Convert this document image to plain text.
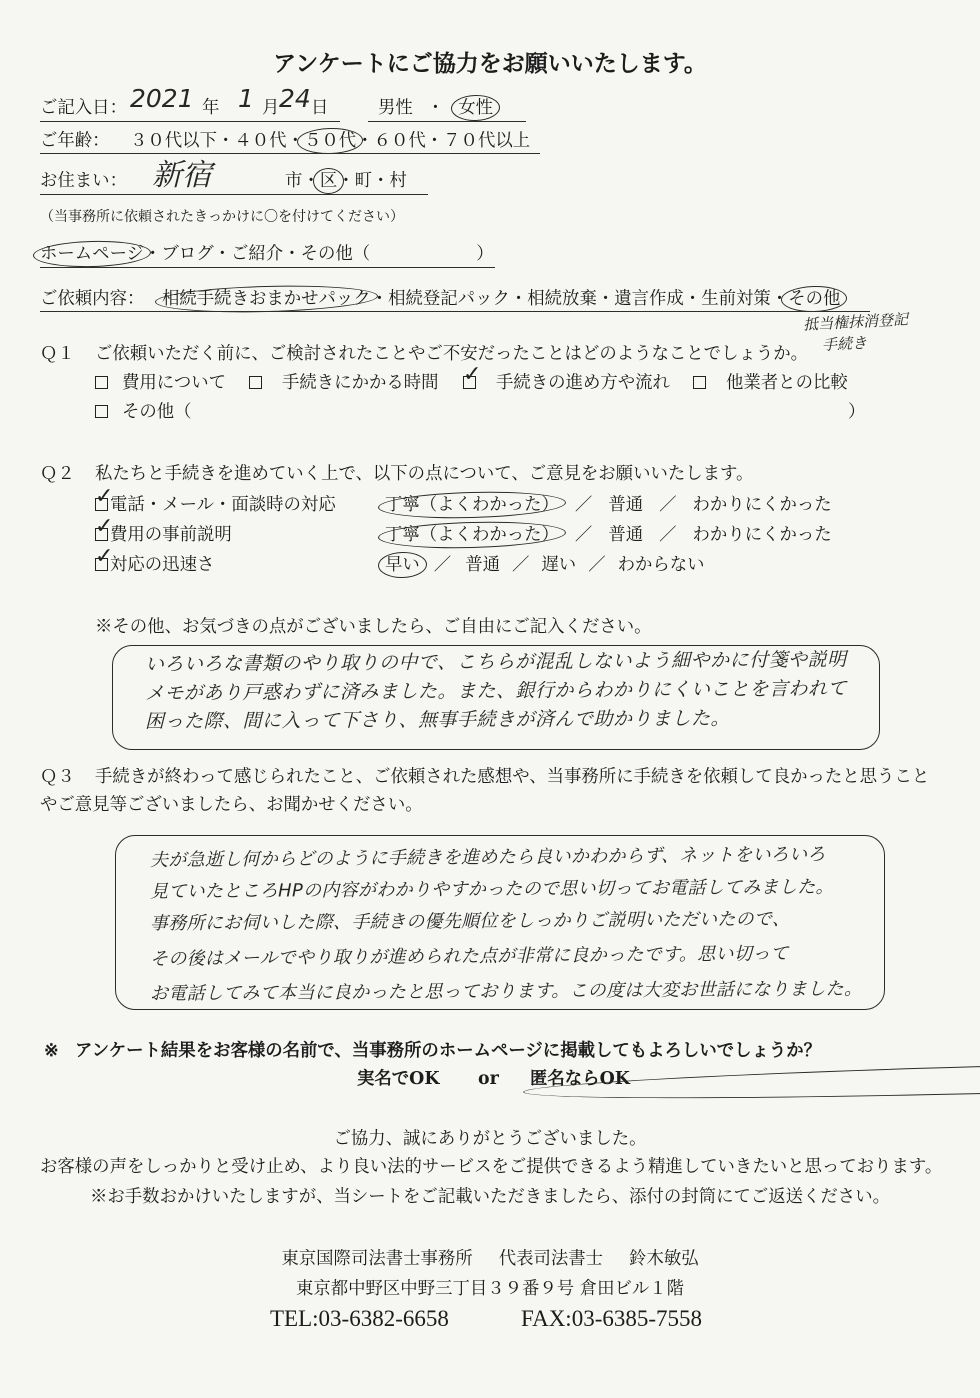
アンケートにご協力をお願いいたします。
ご記入日： 2021 年 1 月 24 日	男性 ・ 女性
ご年齢： ３０代以下・４０代・５０代・６０代・７０代以上
お住まい： 新宿	市・区・町・村
（当事務所に依頼されたきっかけに〇を付けてください）
ホームページ・ブログ・ご紹介・その他（	）
ご依頼内容： 相続手続きおまかせパック・相続登記パック・相続放棄・遺言作成・生前対策・その他
抵当権抹消登記
手続き
Ｑ１ ご依頼いただく前に、ご検討されたことやご不安だったことはどのようなことでしょうか。
費用について	手続きにかかる時間
✓	手続きの進め方や流れ	他業者との比較
その他（	）
Ｑ２ 私たちと手続きを進めていく上で、以下の点について、ご意見をお願いいたします。
✓電話・メール・面談時の対応	丁寧（よくわかった） ／ 普通 ／ わかりにくかった
✓費用の事前説明	丁寧（よくわかった） ／ 普通 ／ わかりにくかった
✓対応の迅速さ	早い ／ 普通 ／ 遅い ／ わからない
※その他、お気づきの点がございましたら、ご自由にご記入ください。
いろいろな書類のやり取りの中で、こちらが混乱しないよう細やかに付箋や説明
メモがあり戸惑わずに済みました。また、銀行からわかりにくいことを言われて
困った際、間に入って下さり、無事手続きが済んで助かりました。
Ｑ３ 手続きが終わって感じられたこと、ご依頼された感想や、当事務所に手続きを依頼して良かったと思うこと
やご意見等ございましたら、お聞かせください。
夫が急逝し何からどのように手続きを進めたら良いかわからず、ネットをいろいろ
見ていたところHPの内容がわかりやすかったので思い切ってお電話してみました。
事務所にお伺いした際、手続きの優先順位をしっかりご説明いただいたので、
その後はメールでやり取りが進められた点が非常に良かったです。思い切って
お電話してみて本当に良かったと思っております。この度は大変お世話になりました。
※ アンケート結果をお客様の名前で、当事務所のホームページに掲載してもよろしいでしょうか？
実名でOK or 匿名ならOK
ご協力、誠にありがとうございました。
お客様の声をしっかりと受け止め、より良い法的サービスをご提供できるよう精進していきたいと思っております。
※お手数おかけいたしますが、当シートをご記載いただきましたら、添付の封筒にてご返送ください。
東京国際司法書士事務所 代表司法書士 鈴木敏弘
東京都中野区中野三丁目３９番９号 倉田ビル１階
TEL:03-6382-6658	FAX:03-6385-7558
